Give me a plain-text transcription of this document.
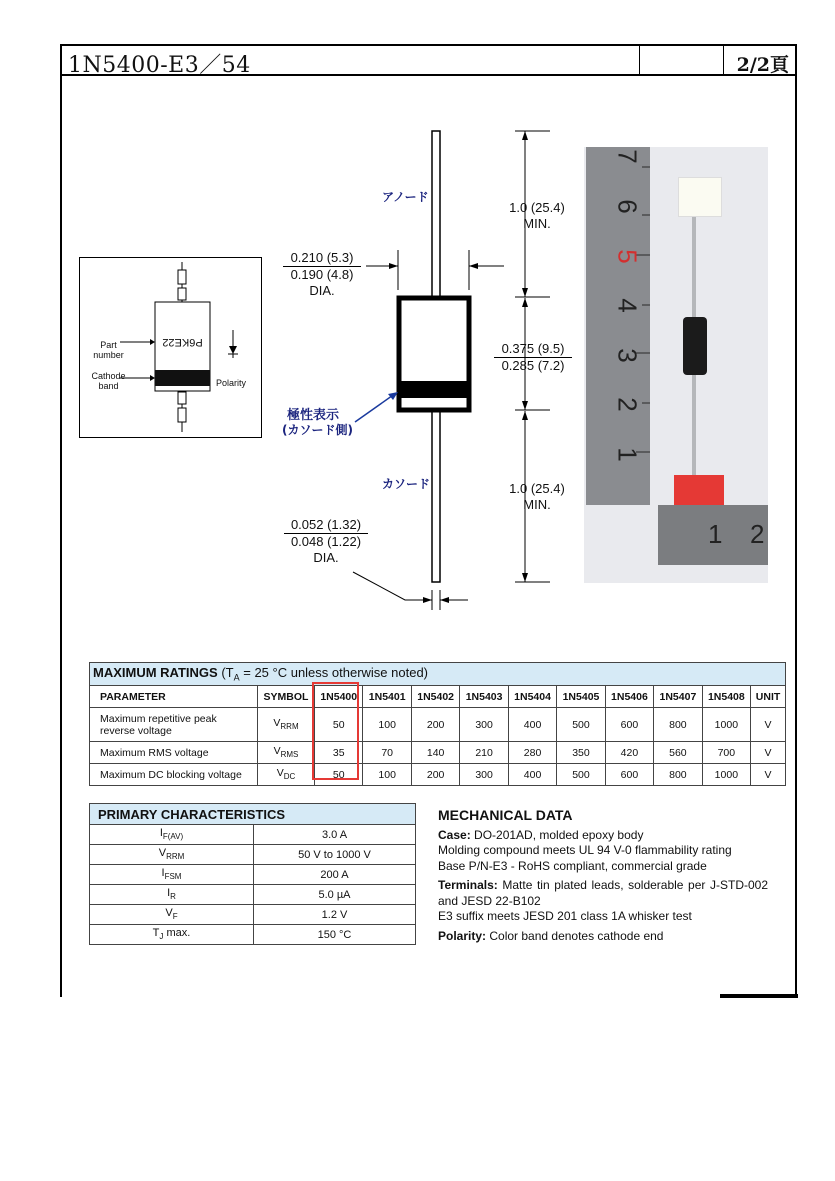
1N5400-E3／54	2/2頁
P6KE22
Part number
Cathode band	Polarity
アノード
カソード
極性表示
(カソード側)
1.0 (25.4)
MIN.
0.210 (5.3)
0.190 (4.8)
DIA.
0.375 (9.5)
0.285 (7.2)
1.0 (25.4)
MIN.
0.052 (1.32)
0.048 (1.22)
DIA.
7
6
5
4
3
2
1
1 2
MAXIMUM RATINGS ($T_A = 25$ °C unless otherwise noted)											
PARAMETER	SYMBOL	1N5400	1N5401	1N5402	1N5403	1N5404	1N5405	1N5406	1N5407	1N5408	UNIT
Maximum repetitive peak reverse voltage	$V_{RRM}$	50	100	200	300	400	500	600	800	1000	V
Maximum RMS voltage	$V_{RMS}$	35	70	140	210	280	350	420	560	700	V
Maximum DC blocking voltage	$V_{DC}$	50	100	200	300	400	500	600	800	1000	V
PRIMARY CHARACTERISTICS	
$I_{F(AV)}$	3.0 A
$V_{RRM}$	50 V to 1000 V
$I_{FSM}$	200 A
$I_R$	5.0 µA
$V_F$	1.2 V
$T_J$ max.	150 °C
MECHANICAL DATA

Case: DO-201AD, molded epoxy body

Molding compound meets UL 94 V-0 flammability rating

Base P/N-E3 - RoHS compliant, commercial grade

Terminals: Matte tin plated leads, solderable per J-STD-002 and JESD 22-B102

E3 suffix meets JESD 201 class 1A whisker test

Polarity: Color band denotes cathode end
